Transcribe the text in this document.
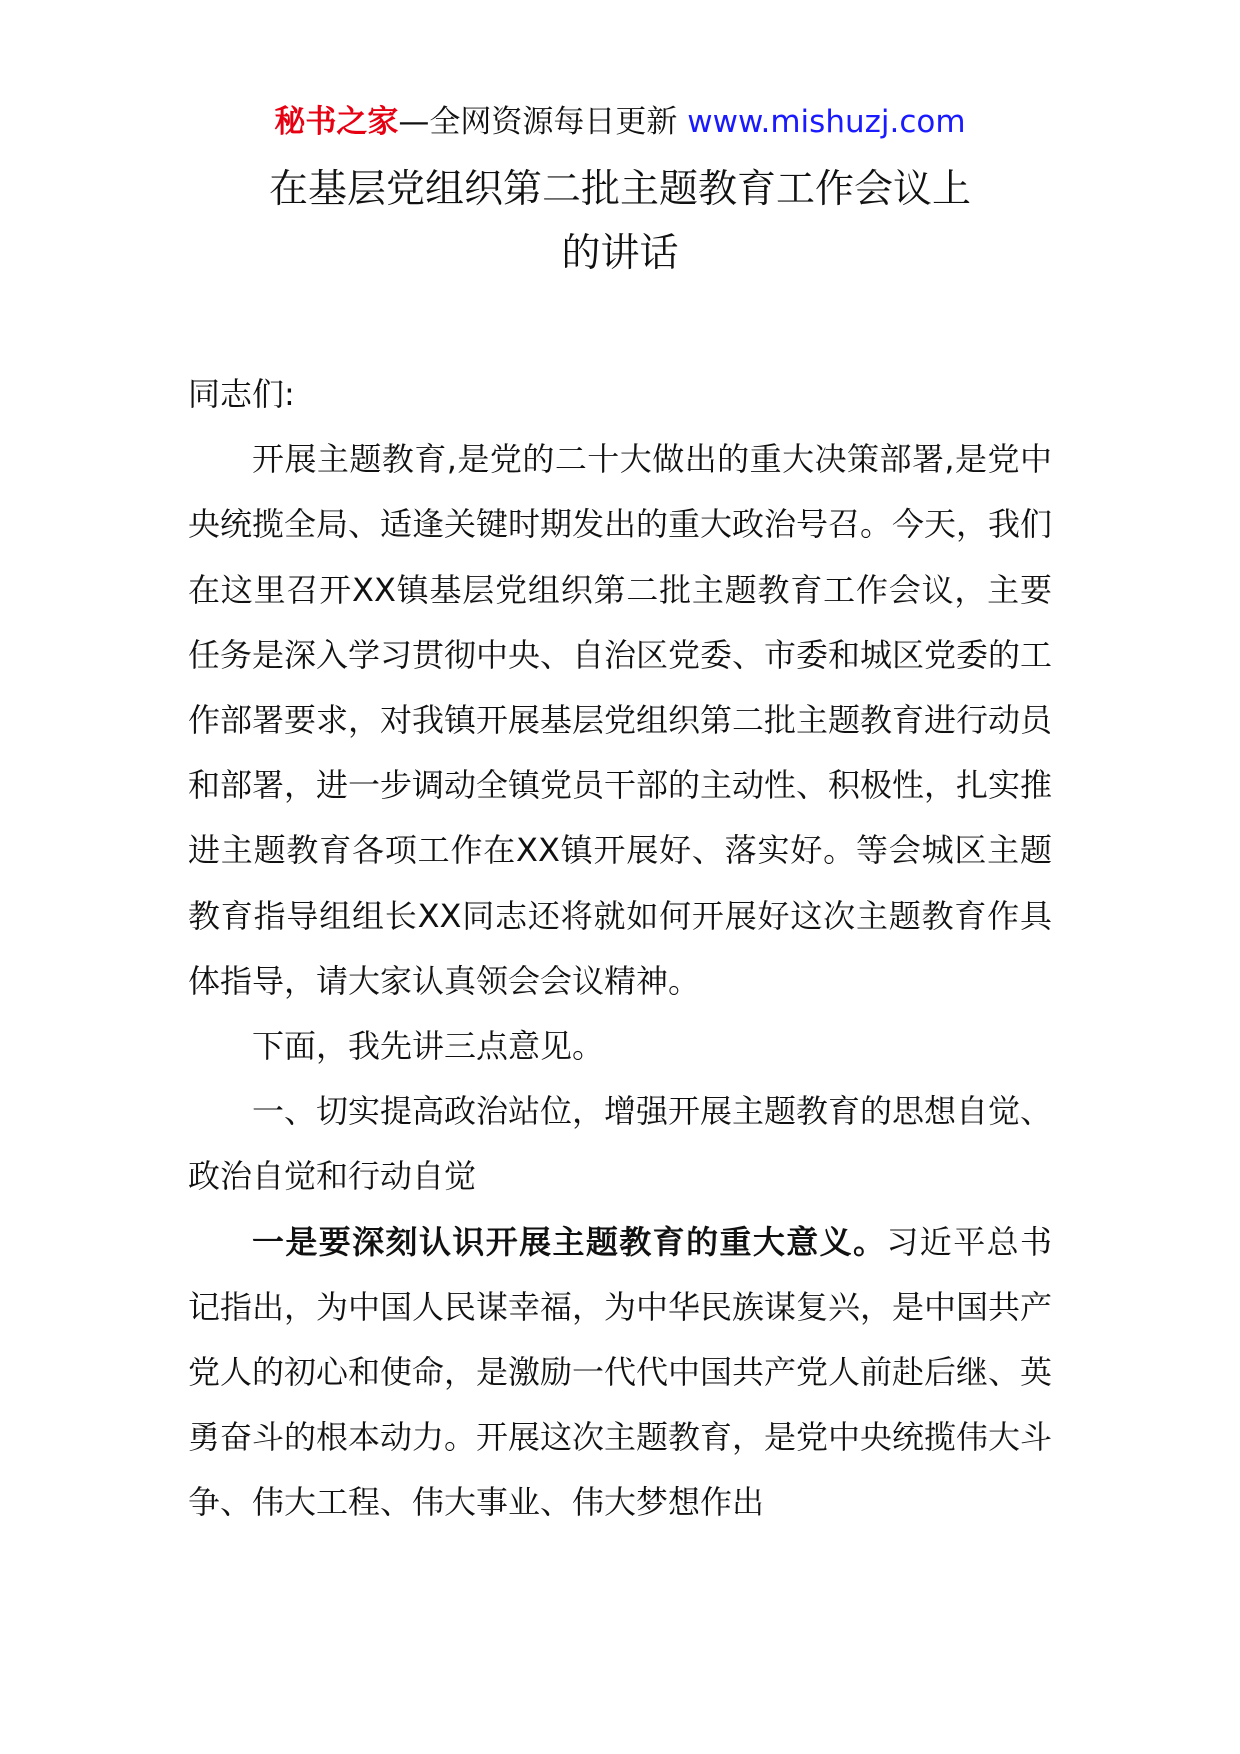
秘书之家—全网资源每日更新 www.mishuzj.com
在基层党组织第二批主题教育工作会议上
的讲话

同志们:

开展主题教育,是党的二十大做出的重大决策部署,是党中央统揽全局、适逢关键时期发出的重大政治号召。今天，我们在这里召开XX镇基层党组织第二批主题教育工作会议，主要任务是深入学习贯彻中央、自治区党委、市委和城区党委的工作部署要求，对我镇开展基层党组织第二批主题教育进行动员和部署，进一步调动全镇党员干部的主动性、积极性，扎实推进主题教育各项工作在XX镇开展好、落实好。等会城区主题教育指导组组长XX同志还将就如何开展好这次主题教育作具体指导，请大家认真领会会议精神。

下面，我先讲三点意见。

一、切实提高政治站位，增强开展主题教育的思想自觉、政治自觉和行动自觉

一是要深刻认识开展主题教育的重大意义。习近平总书记指出，为中国人民谋幸福，为中华民族谋复兴，是中国共产党人的初心和使命，是激励一代代中国共产党人前赴后继、英勇奋斗的根本动力。开展这次主题教育，是党中央统揽伟大斗争、伟大工程、伟大事业、伟大梦想作出
